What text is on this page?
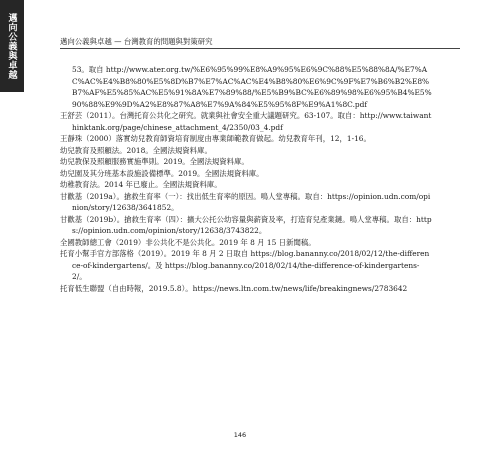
邁向公義與卓越	邁向公義與卓越 — 台灣教育的問題與對策研究
53。取自 http://www.ater.org.tw/%E6%95%99%E8%A9%95%E6%9C%88%E5%88%8A/%E7%AC%AC%E4%B8%80%E5%8D%B7%E7%AC%AC%E4%B8%80%E6%9C%9F%E7%B6%B2%E8%B7%AF%E5%85%AC%E5%91%8A%E7%89%88/%E5%B9%BC%E6%89%98%E6%95%B4%E5%90%88%E9%9D%A2%E8%87%A8%E7%9A%84%E5%95%8F%E9%A1%8C.pdf
王舒芸（2011）。台灣托育公共化之研究。就業與社會安全重大議題研究。63-107。取自：http://www.taiwanthinktank.org/page/chinese_attachment_4/2350/03_4.pdf
王靜珠（2000）落實幼兒教育師資培育制度由專業師範教育做起。幼兒教育年刊，12，1-16。
幼兒教育及照顧法。2018。全國法規資料庫。
幼兒教保及照顧服務實施準則。2019。全國法規資料庫。
幼兒園及其分班基本設施設備標準。2019。全國法規資料庫。
幼稚教育法。2014 年已廢止。全國法規資料庫。
甘歡基（2019a）。搶救生育率（一）：找出低生育率的原因。鳴人堂專稿。取自：https://opinion.udn.com/opinion/story/12638/3641852。
甘歡基（2019b）。搶救生育率（四）：擴大公托公幼容量與薪資及率，打造育兒產業鏈。鳴人堂專稿。取自：https://opinion.udn.com/opinion/story/12638/3743822。
全國教師總工會（2019）非公共化不是公共化。2019 年 8 月 15 日新聞稿。
托育小幫手官方部落格（2019）。2019 年 8 月 2 日取自 https://blog.bananny.co/2018/02/12/the-difference-of-kindergartens/。及 https://blog.bananny.co/2018/02/14/the-difference-of-kindergartens-2/。
托育低生聯盟（自由時報，2019.5.8）。https://news.ltn.com.tw/news/life/breakingnews/2783642
146
